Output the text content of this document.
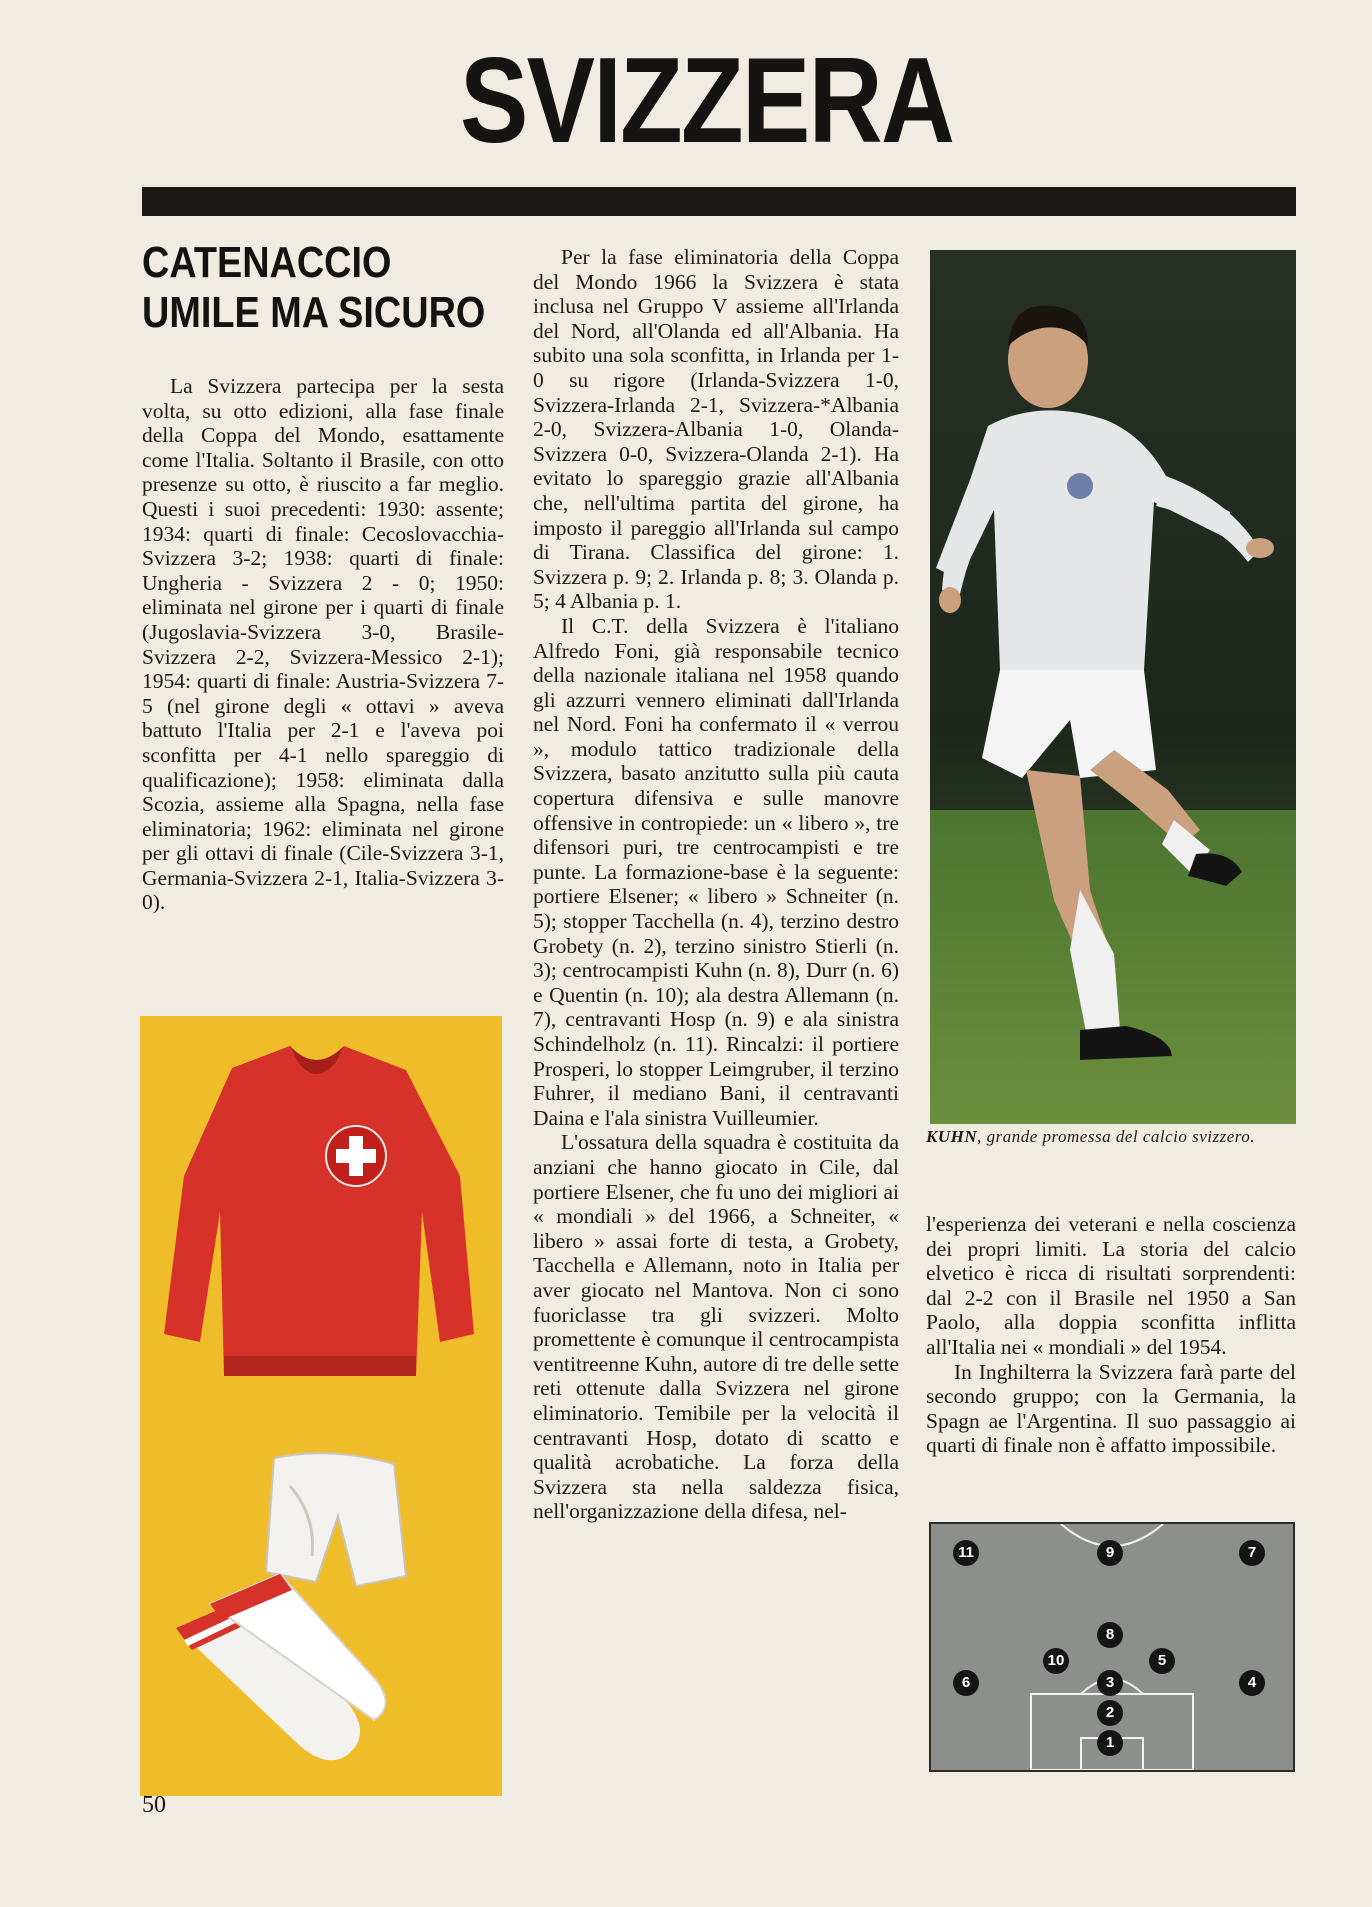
SVIZZERA
CATENACCIO
UMILE MA SICURO

La Svizzera partecipa per la sesta volta, su otto edizioni, alla fase finale della Coppa del Mondo, esattamente come l'Italia. Soltanto il Brasile, con otto presenze su otto, è riuscito a far meglio. Questi i suoi precedenti: 1930: assente; 1934: quarti di finale: Cecoslovacchia-Svizzera 3-2; 1938: quarti di finale: Ungheria - Svizzera 2 - 0; 1950: eliminata nel girone per i quarti di finale (Jugoslavia-Svizzera 3-0, Brasile-Svizzera 2-2, Svizzera-Messico 2-1); 1954: quarti di finale: Austria-Svizzera 7-5 (nel girone degli « ottavi » aveva battuto l'Italia per 2-1 e l'aveva poi sconfitta per 4-1 nello spareggio di qualificazione); 1958: eliminata dalla Scozia, assieme alla Spagna, nella fase eliminatoria; 1962: eliminata nel girone per gli ottavi di finale (Cile-Svizzera 3-1, Germania-Svizzera 2-1, Italia-Svizzera 3-0).

Per la fase eliminatoria della Coppa del Mondo 1966 la Svizzera è stata inclusa nel Gruppo V assieme all'Irlanda del Nord, all'Olanda ed all'Albania. Ha subito una sola sconfitta, in Irlanda per 1-0 su rigore (Irlanda-Svizzera 1-0, Svizzera-Irlanda 2-1, Svizzera-*Albania 2-0, Svizzera-Albania 1-0, Olanda-Svizzera 0-0, Svizzera-Olanda 2-1). Ha evitato lo spareggio grazie all'Albania che, nell'ultima partita del girone, ha imposto il pareggio all'Irlanda sul campo di Tirana. Classifica del girone: 1. Svizzera p. 9; 2. Irlanda p. 8; 3. Olanda p. 5; 4 Albania p. 1.

Il C.T. della Svizzera è l'italiano Alfredo Foni, già responsabile tecnico della nazionale italiana nel 1958 quando gli azzurri vennero eliminati dall'Irlanda nel Nord. Foni ha confermato il « verrou », modulo tattico tradizionale della Svizzera, basato anzitutto sulla più cauta copertura difensiva e sulle manovre offensive in contropiede: un « libero », tre difensori puri, tre centrocampisti e tre punte. La formazione-base è la seguente: portiere Elsener; « libero » Schneiter (n. 5); stopper Tacchella (n. 4), terzino destro Grobety (n. 2), terzino sinistro Stierli (n. 3); centrocampisti Kuhn (n. 8), Durr (n. 6) e Quentin (n. 10); ala destra Allemann (n. 7), centravanti Hosp (n. 9) e ala sinistra Schindelholz (n. 11). Rincalzi: il portiere Prosperi, lo stopper Leimgruber, il terzino Fuhrer, il mediano Bani, il centravanti Daina e l'ala sinistra Vuilleumier.

L'ossatura della squadra è costituita da anziani che hanno giocato in Cile, dal portiere Elsener, che fu uno dei migliori ai « mondiali » del 1966, a Schneiter, « libero » assai forte di testa, a Grobety, Tacchella e Allemann, noto in Italia per aver giocato nel Mantova. Non ci sono fuoriclasse tra gli svizzeri. Molto promettente è comunque il centrocampista ventitreenne Kuhn, autore di tre delle sette reti ottenute dalla Svizzera nel girone eliminatorio. Temibile per la velocità il centravanti Hosp, dotato di scatto e qualità acrobatiche. La forza della Svizzera sta nella saldezza fisica, nell'organizzazione della difesa, nel-

l'esperienza dei veterani e nella coscienza dei propri limiti. La storia del calcio elvetico è ricca di risultati sorprendenti: dal 2-2 con il Brasile nel 1950 a San Paolo, alla doppia sconfitta inflitta all'Italia nei « mondiali » del 1954.

In Inghilterra la Svizzera farà parte del secondo gruppo; con la Germania, la Spagn ae l'Argentina. Il suo passaggio ai quarti di finale non è affatto impossibile.

KUHN, grande promessa del calcio svizzero.
11	9	7
8
10	5
6	3	4
2
1
50
